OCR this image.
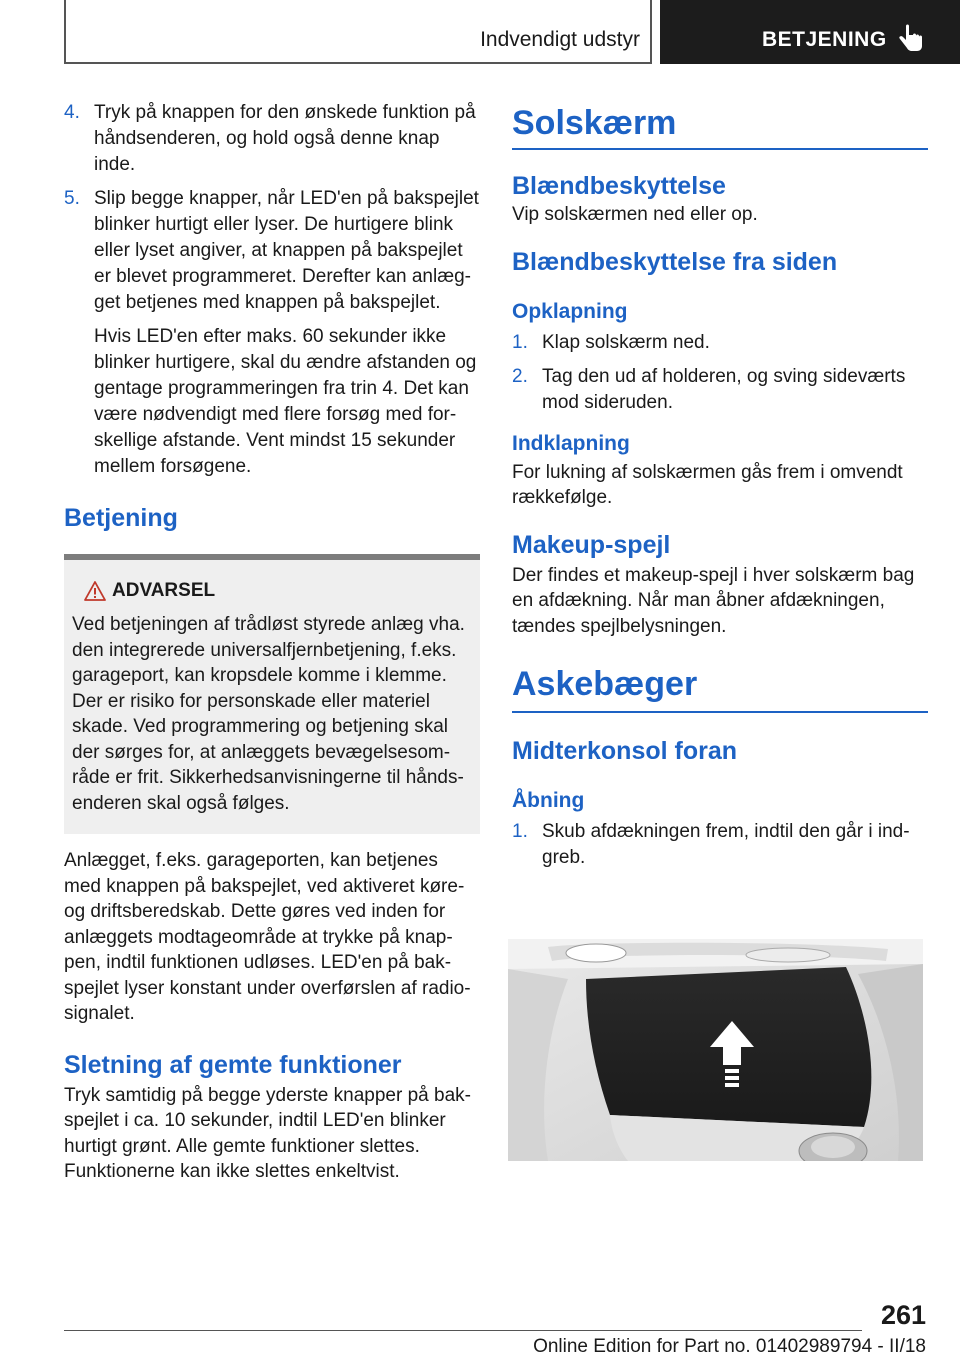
Indvendigt udstyr	BETJENING
4. Tryk på knappen for den ønskede funktion på håndsenderen, og hold også denne knap inde.
5. Slip begge knapper, når LED'en på bakspejlet blinker hurtigt eller lyser. De hurtigere blink eller lyset angiver, at knappen på bakspejlet er blevet programmeret. Derefter kan anlægget betjenes med knappen på bakspejlet.
Hvis LED'en efter maks. 60 sekunder ikke blinker hurtigere, skal du ændre afstanden og gentage programmeringen fra trin 4. Det kan være nødvendigt med flere forsøg med forskellige afstande. Vent mindst 15 sekunder mellem forsøgene.
Betjening
ADVARSEL
Ved betjeningen af trådløst styrede anlæg vha. den integrerede universalfjernbetjening, f.eks. garageport, kan kropsdele komme i klemme. Der er risiko for personskade eller materiel skade. Ved programmering og betjening skal der sørges for, at anlæggets bevægelsesområde er frit. Sikkerhedsanvisningerne til håndsenderen skal også følges.
Anlægget, f.eks. garageporten, kan betjenes med knappen på bakspejlet, ved aktiveret køre- og driftsberedskab. Dette gøres ved inden for anlæggets modtageområde at trykke på knappen, indtil funktionen udløses. LED'en på bakspejlet lyser konstant under overførslen af radiosignalet.
Sletning af gemte funktioner
Tryk samtidig på begge yderste knapper på bakspejlet i ca. 10 sekunder, indtil LED'en blinker hurtigt grønt. Alle gemte funktioner slettes. Funktionerne kan ikke slettes enkeltvist.
Solskærm
Blændbeskyttelse
Vip solskærmen ned eller op.
Blændbeskyttelse fra siden
Opklapning
1. Klap solskærm ned.
2. Tag den ud af holderen, og sving sideværts mod sideruden.
Indklapning
For lukning af solskærmen gås frem i omvendt rækkefølge.
Makeup-spejl
Der findes et makeup-spejl i hver solskærm bag en afdækning. Når man åbner afdækningen, tændes spejlbelysningen.
Askebæger
Midterkonsol foran
Åbning
1. Skub afdækningen frem, indtil den går i indgreb.
261
Online Edition for Part no. 01402989794 - II/18
